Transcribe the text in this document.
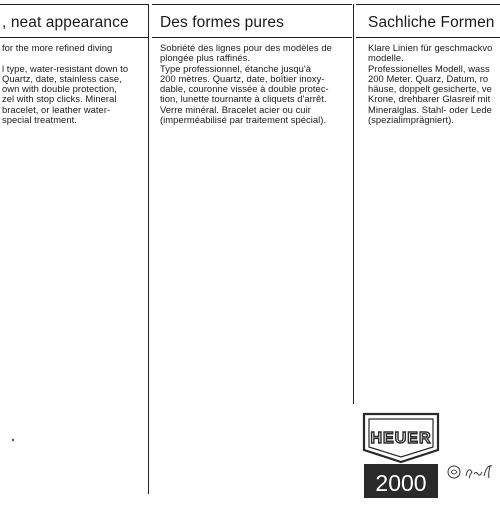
, neat appearance
for the more refined diving

l type, water-resistant down to
Quartz, date, stainless case,
own with double protection,
zel with stop clicks. Mineral
bracelet, or leather water-
special treatment.
Des formes pures
Sobriété des lignes pour des modèles de
plongée plus raffinés.
Type professionnel, étanche jusqu'à
200 mètres. Quartz, date, boîtier inoxy-
dable, couronne vissée à double protec-
tion, lunette tournante à cliquets d'arrêt.
Verre minéral. Bracelet acier ou cuir
(imperméabilisé par traitement spécial).
Sachliche Formen
Klare Linien für geschmackvo
modelle.
Professionelles Modell, wass
200 Meter. Quarz, Datum, ro
häuse, doppelt gesicherte, ve
Krone, drehbarer Glasreif mit
Mineralglas. Stahl- oder Lede
(spezialimprägniert).
HEUER
2000
